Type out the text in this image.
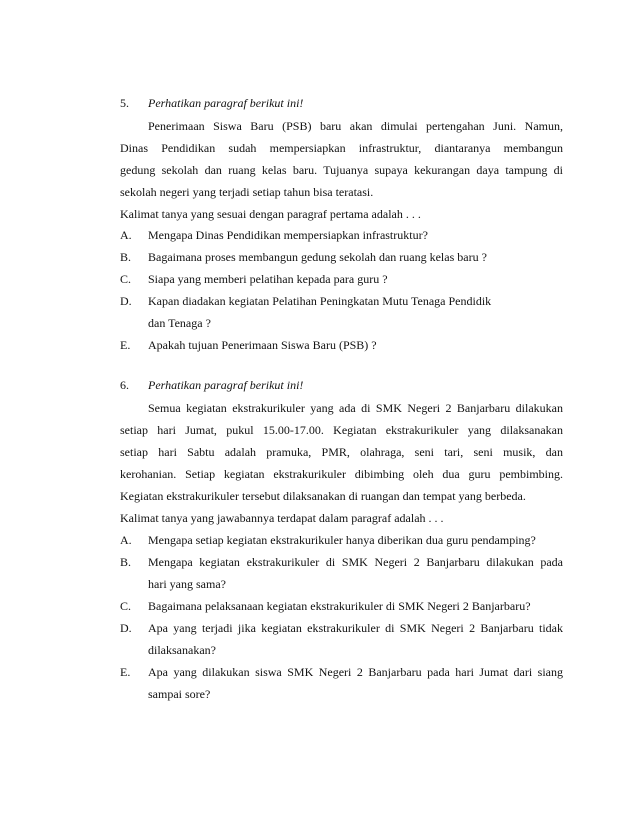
5. Perhatikan paragraf berikut ini!
Penerimaan Siswa Baru (PSB) baru akan dimulai pertengahan Juni. Namun,
Dinas Pendidikan sudah mempersiapkan infrastruktur, diantaranya membangun
gedung sekolah dan ruang kelas baru. Tujuanya supaya kekurangan daya tampung di
sekolah negeri yang terjadi setiap tahun bisa teratasi.
Kalimat tanya yang sesuai dengan paragraf pertama adalah . . .
A. Mengapa Dinas Pendidikan mempersiapkan infrastruktur?
B. Bagaimana proses membangun gedung sekolah dan ruang kelas baru ?
C. Siapa yang memberi pelatihan kepada para guru ?
D. Kapan diadakan kegiatan Pelatihan Peningkatan Mutu Tenaga Pendidik
dan Tenaga ?
E. Apakah tujuan Penerimaan Siswa Baru (PSB) ?
6. Perhatikan paragraf berikut ini!
Semua kegiatan ekstrakurikuler yang ada di SMK Negeri 2 Banjarbaru dilakukan
setiap hari Jumat, pukul 15.00-17.00. Kegiatan ekstrakurikuler yang dilaksanakan
setiap hari Sabtu adalah pramuka, PMR, olahraga, seni tari, seni musik, dan
kerohanian. Setiap kegiatan ekstrakurikuler dibimbing oleh dua guru pembimbing.
Kegiatan ekstrakurikuler tersebut dilaksanakan di ruangan dan tempat yang berbeda.
Kalimat tanya yang jawabannya terdapat dalam paragraf adalah . . .
A. Mengapa setiap kegiatan ekstrakurikuler hanya diberikan dua guru pendamping?
B. Mengapa kegiatan ekstrakurikuler di SMK Negeri 2 Banjarbaru dilakukan pada
hari yang sama?
C. Bagaimana pelaksanaan kegiatan ekstrakurikuler di SMK Negeri 2 Banjarbaru?
D. Apa yang terjadi jika kegiatan ekstrakurikuler di SMK Negeri 2 Banjarbaru tidak
dilaksanakan?
E. Apa yang dilakukan siswa SMK Negeri 2 Banjarbaru pada hari Jumat dari siang
sampai sore?
